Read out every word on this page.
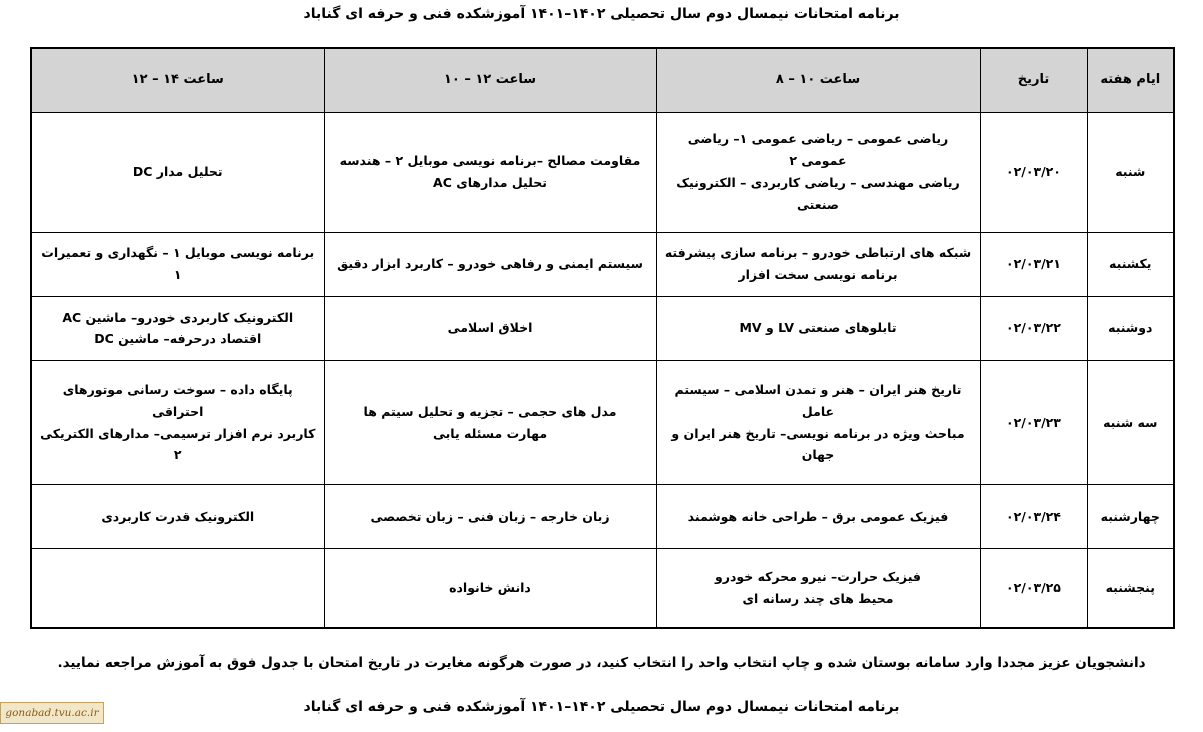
برنامه امتحانات نیمسال دوم سال تحصیلی ۱۴۰۲–۱۴۰۱ آموزشکده فنی و حرفه ای گناباد
ایام هفته	تاریخ	ساعت ۱۰ – ۸	ساعت ۱۲ – ۱۰	ساعت ۱۴ – ۱۲
شنبه	۰۲/۰۳/۲۰	ریاضی عمومی – ریاضی عمومی ۱– ریاضی عمومی ۲
ریاضی مهندسی – ریاضی کاربردی – الکترونیک
صنعتی	مقاومت مصالح –برنامه نویسی موبایل ۲ – هندسه
تحلیل مدارهای AC	تحلیل مدار DC

یکشنبه	۰۲/۰۳/۲۱	شبکه های ارتباطی خودرو – برنامه سازی پیشرفته
برنامه نویسی سخت افزار	سیستم ایمنی و رفاهی خودرو – کاربرد ابزار دقیق	برنامه نویسی موبایل ۱ – نگهداری و تعمیرات ۱

دوشنبه	۰۲/۰۳/۲۲	تابلوهای صنعتی LV و MV	اخلاق اسلامی	الکترونیک کاربردی خودرو– ماشین AC
اقتصاد درحرفه– ماشین DC

سه شنبه	۰۲/۰۳/۲۳	تاریخ هنر ایران – هنر و تمدن اسلامی – سیستم عامل
مباحث ویژه در برنامه نویسی– تاریخ هنر ایران و جهان	مدل های حجمی – تجزیه و تحلیل سیتم ها
مهارت مسئله یابی	پایگاه داده – سوخت رسانی موتورهای احتراقی
کاربرد نرم افزار ترسیمی– مدارهای الکتریکی ۲

چهارشنبه	۰۲/۰۳/۲۴	فیزیک عمومی برق – طراحی خانه هوشمند	زبان خارجه – زبان فنی – زبان تخصصی	الکترونیک قدرت کاربردی

پنجشنبه	۰۲/۰۳/۲۵	فیزیک حرارت– نیرو محرکه خودرو
محیط های چند رسانه ای	دانش خانواده	

دانشجویان عزیز مجددا وارد سامانه بوستان شده و چاپ انتخاب واحد را انتخاب کنید، در صورت هرگونه مغایرت در تاریخ امتحان با جدول فوق به آموزش مراجعه نمایید.
برنامه امتحانات نیمسال دوم سال تحصیلی ۱۴۰۲–۱۴۰۱ آموزشکده فنی و حرفه ای گناباد
gonabad.tvu.ac.ir
